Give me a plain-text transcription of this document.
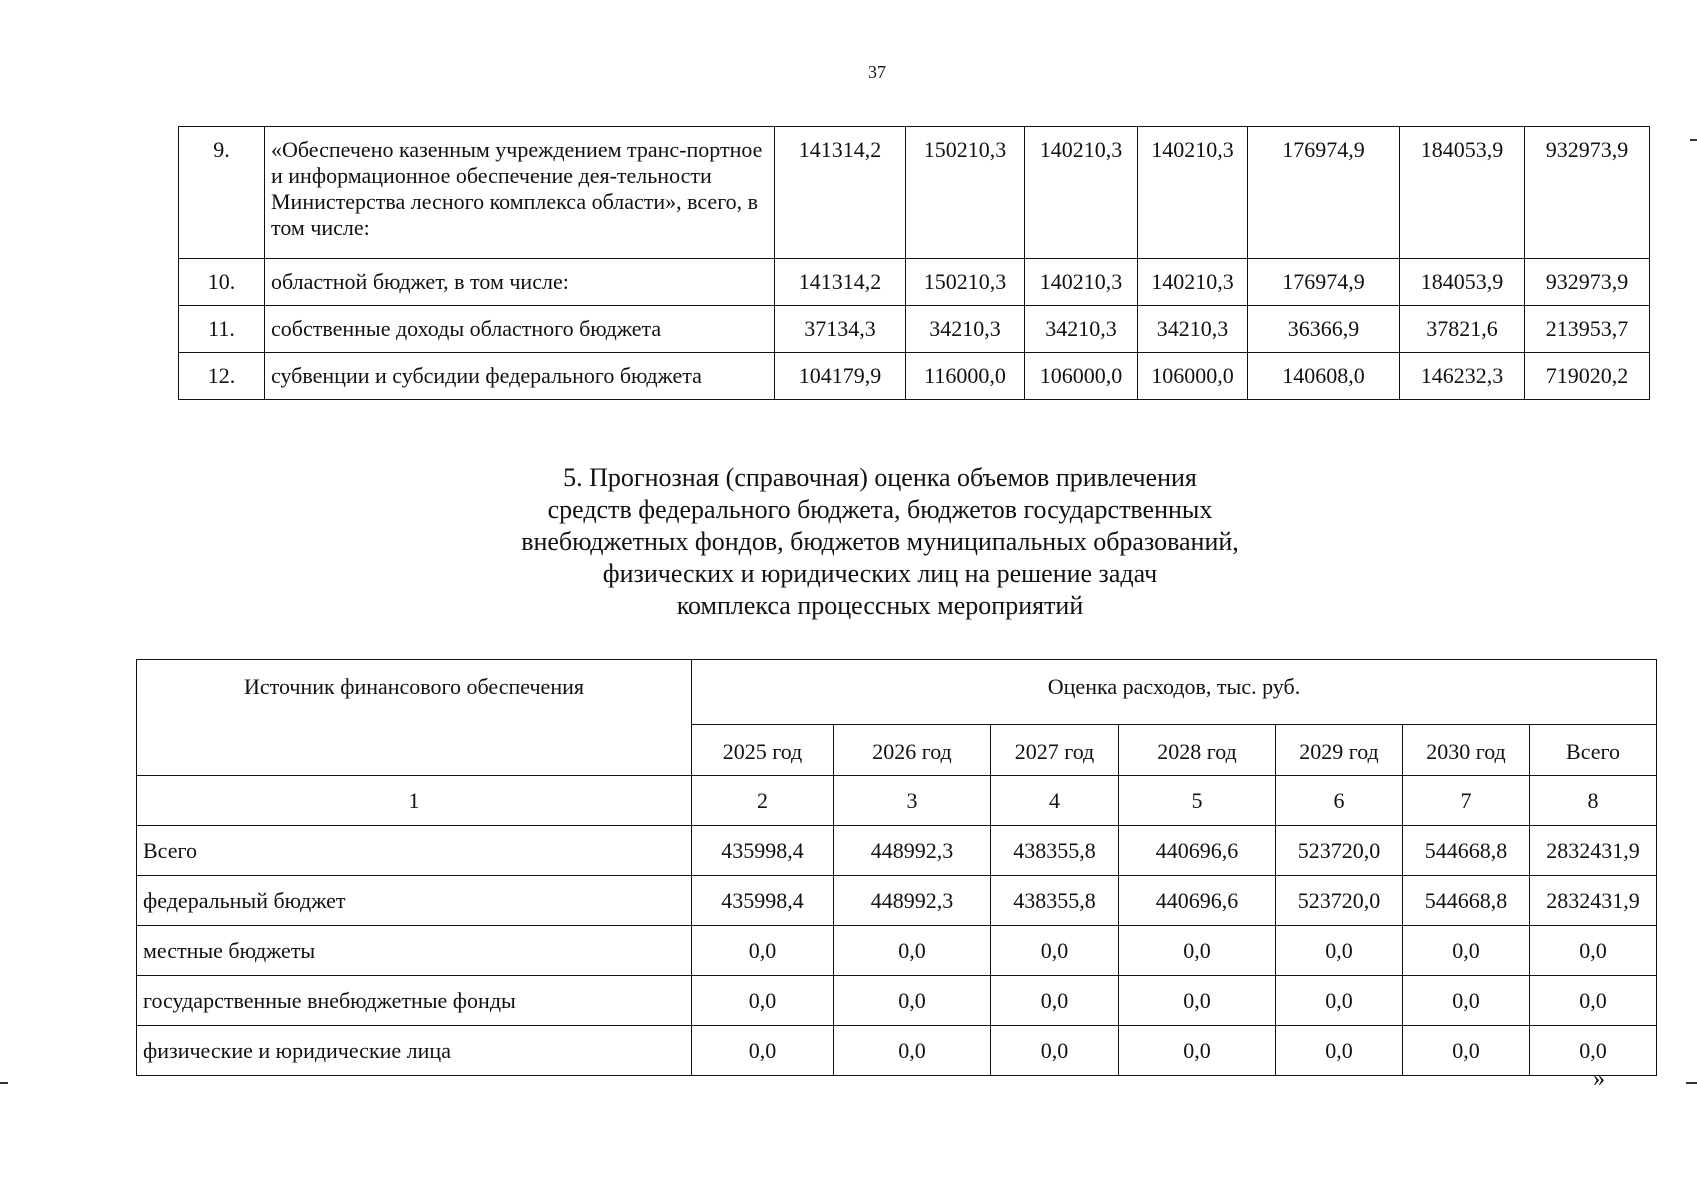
37
9.	«Обеспечено казенным учреждением транс-портное и информационное обеспечение дея-тельности Министерства лесного комплекса области», всего, в том числе:	141314,2	150210,3	140210,3	140210,3	176974,9	184053,9	932973,9
10.	областной бюджет, в том числе:	141314,2	150210,3	140210,3	140210,3	176974,9	184053,9	932973,9
11.	собственные доходы областного бюджета	37134,3	34210,3	34210,3	34210,3	36366,9	37821,6	213953,7
12.	субвенции и субсидии федерального бюджета	104179,9	116000,0	106000,0	106000,0	140608,0	146232,3	719020,2
5. Прогнозная (справочная) оценка объемов привлечения
средств федерального бюджета, бюджетов государственных
внебюджетных фондов, бюджетов муниципальных образований,
физических и юридических лиц на решение задач
комплекса процессных мероприятий
Источник финансового обеспечения	Оценка расходов, тыс. руб.						
	2025 год	2026 год	2027 год	2028 год	2029 год	2030 год	Всего
1	2	3	4	5	6	7	8
Всего	435998,4	448992,3	438355,8	440696,6	523720,0	544668,8	2832431,9
федеральный бюджет	435998,4	448992,3	438355,8	440696,6	523720,0	544668,8	2832431,9
местные бюджеты	0,0	0,0	0,0	0,0	0,0	0,0	0,0
государственные внебюджетные фонды	0,0	0,0	0,0	0,0	0,0	0,0	0,0
физические и юридические лица	0,0	0,0	0,0	0,0	0,0	0,0	0,0
»
